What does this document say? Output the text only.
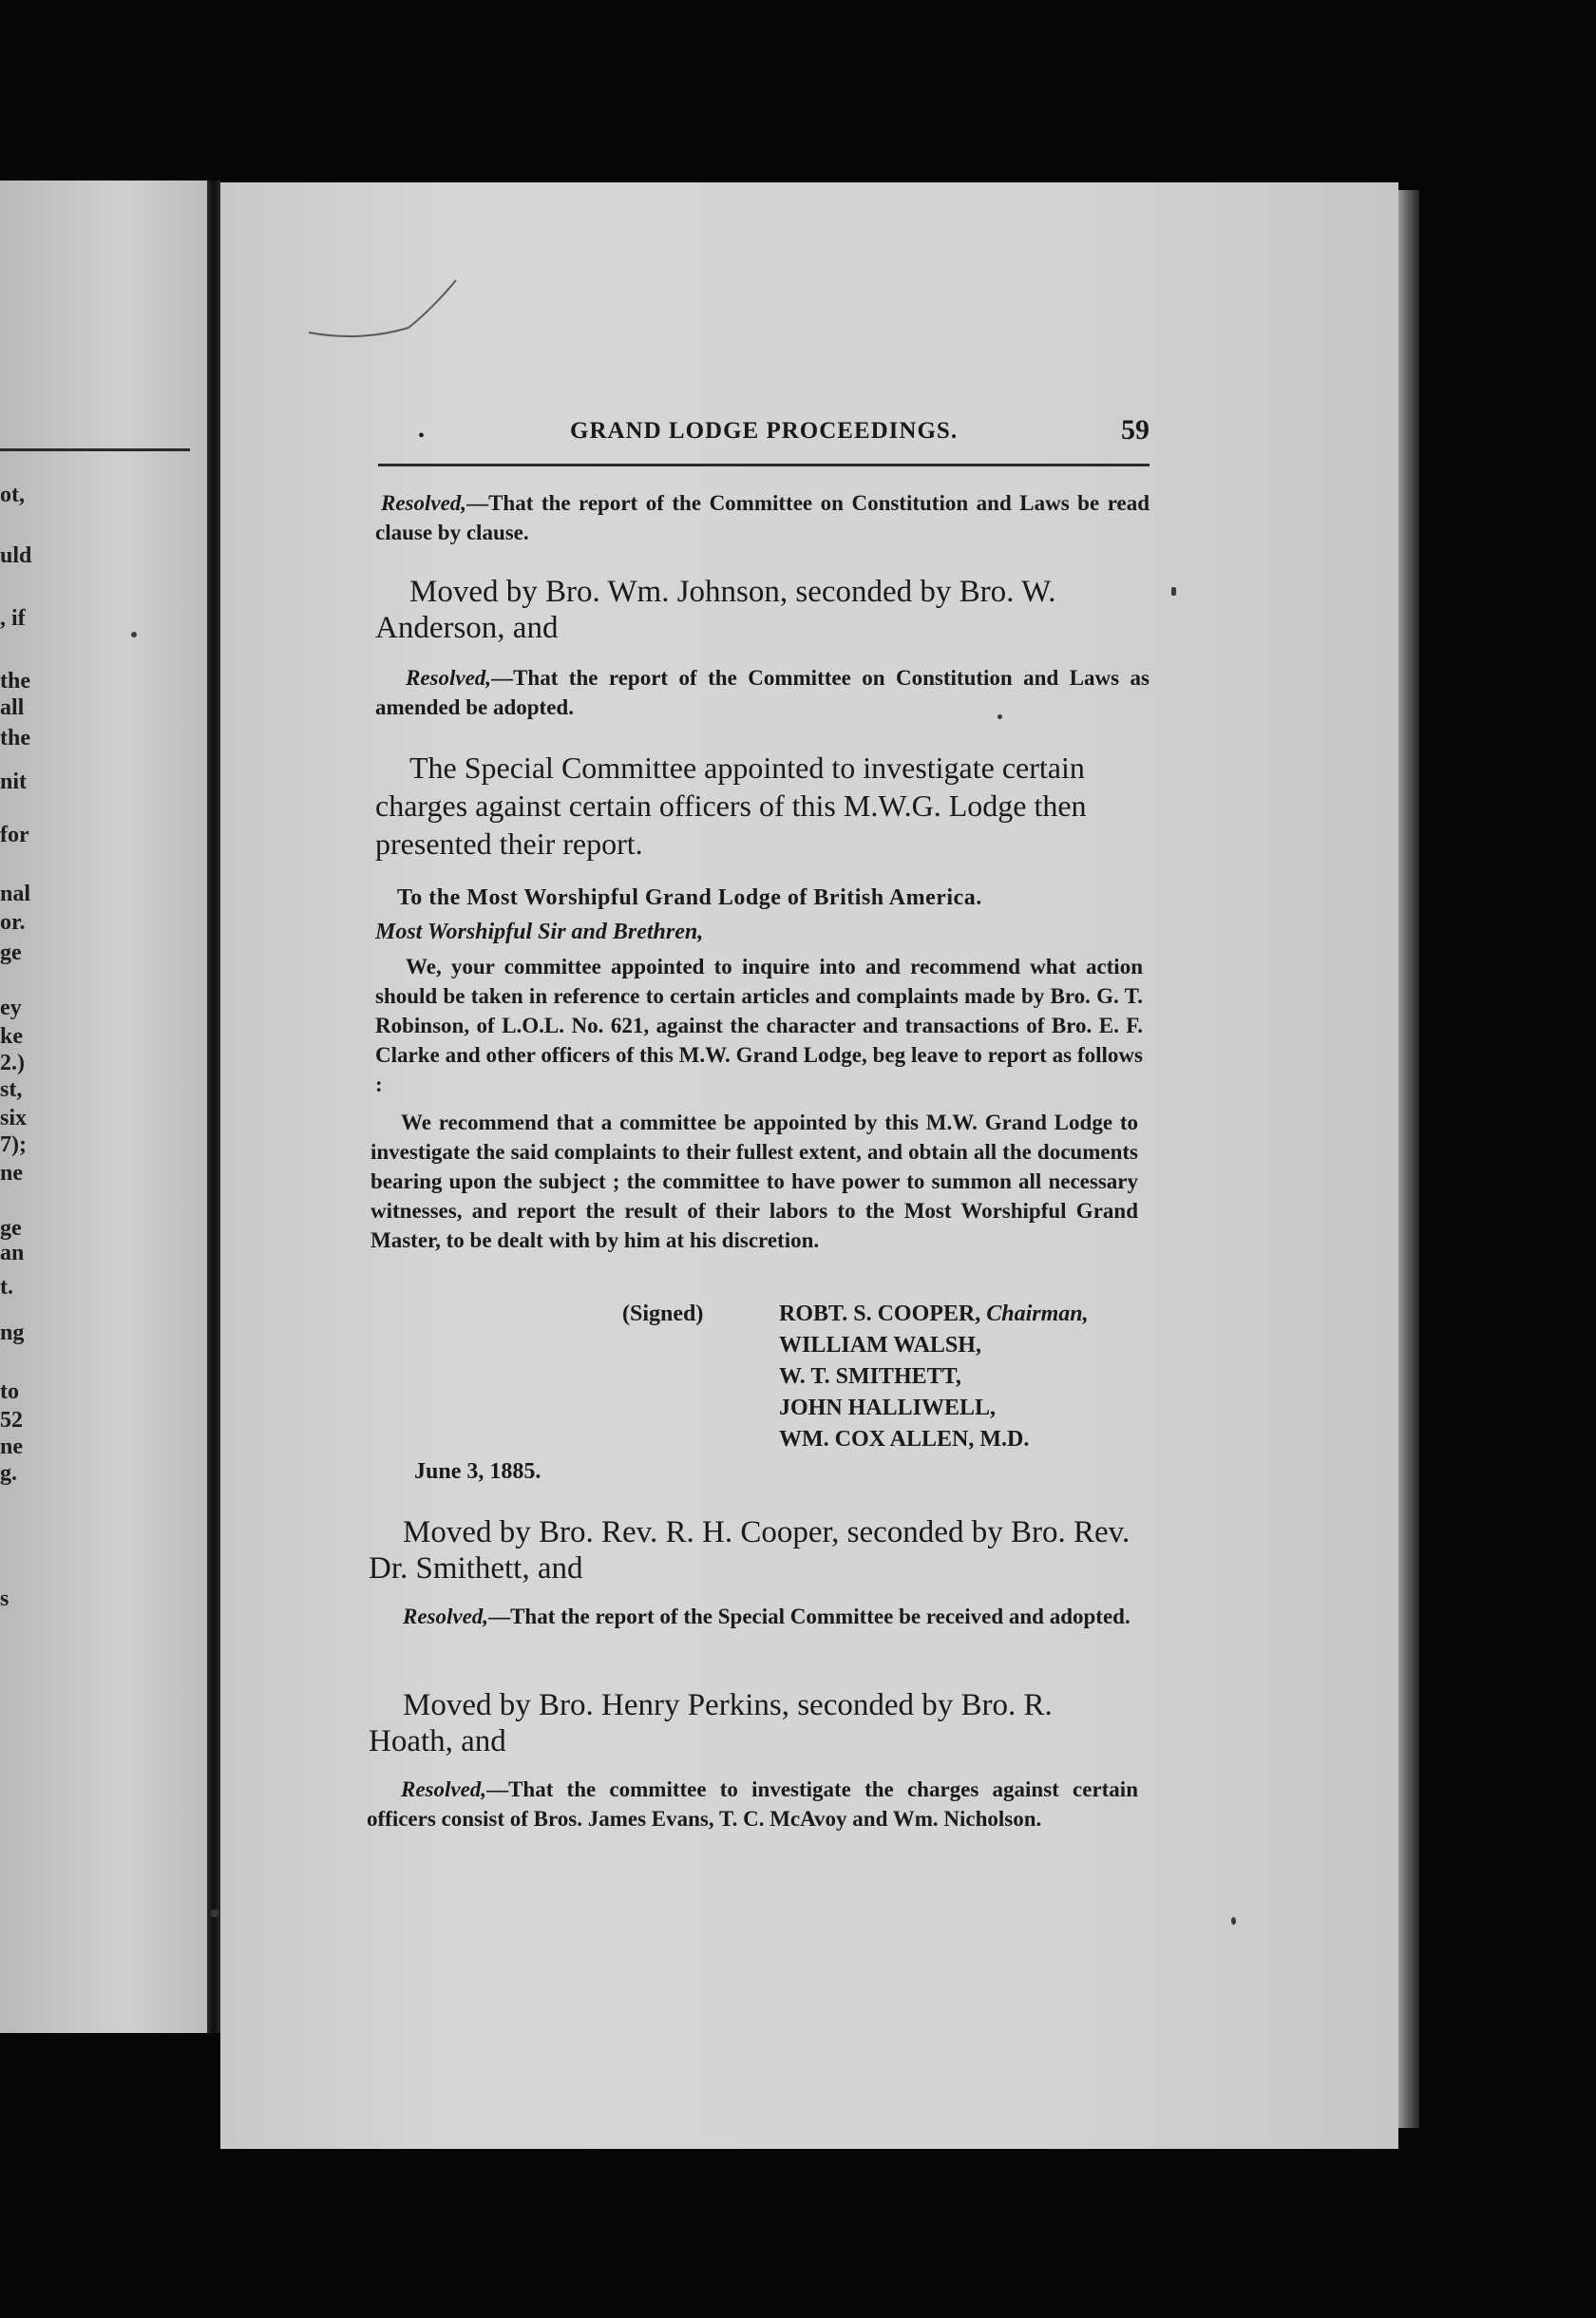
ot,
uld
, if
the
all
the
nit
for
nal
or.
ge
ey
ke
2.)
st,
six
7);
ne
ge
an
t.
ng
to
52
ne
g.
s
•	GRAND LODGE PROCEEDINGS.	59
Resolved,—That the report of the Committee on Constitution and Laws be read clause by clause.
Moved by Bro. Wm. Johnson, seconded by Bro. W. Anderson, and
Resolved,—That the report of the Committee on Constitution and Laws as amended be adopted.
The Special Committee appointed to investigate certain charges against certain officers of this M.W.G. Lodge then presented their report.
To the Most Worshipful Grand Lodge of British America.
Most Worshipful Sir and Brethren,
We, your committee appointed to inquire into and recommend what action should be taken in reference to certain articles and complaints made by Bro. G. T. Robinson, of L.O.L. No. 621, against the character and transactions of Bro. E. F. Clarke and other officers of this M.W. Grand Lodge, beg leave to report as follows :
We recommend that a committee be appointed by this M.W. Grand Lodge to investigate the said complaints to their fullest extent, and obtain all the documents bearing upon the subject ; the committee to have power to summon all necessary witnesses, and report the result of their labors to the Most Worshipful Grand Master, to be dealt with by him at his discretion.
(Signed)	ROBT. S. COOPER, Chairman,
WILLIAM WALSH,
W. T. SMITHETT,
JOHN HALLIWELL,
WM. COX ALLEN, M.D.
June 3, 1885.
Moved by Bro. Rev. R. H. Cooper, seconded by Bro. Rev. Dr. Smithett, and
Resolved,—That the report of the Special Committee be received and adopted.
Moved by Bro. Henry Perkins, seconded by Bro. R. Hoath, and
Resolved,—That the committee to investigate the charges against certain officers consist of Bros. James Evans, T. C. McAvoy and Wm. Nicholson.
